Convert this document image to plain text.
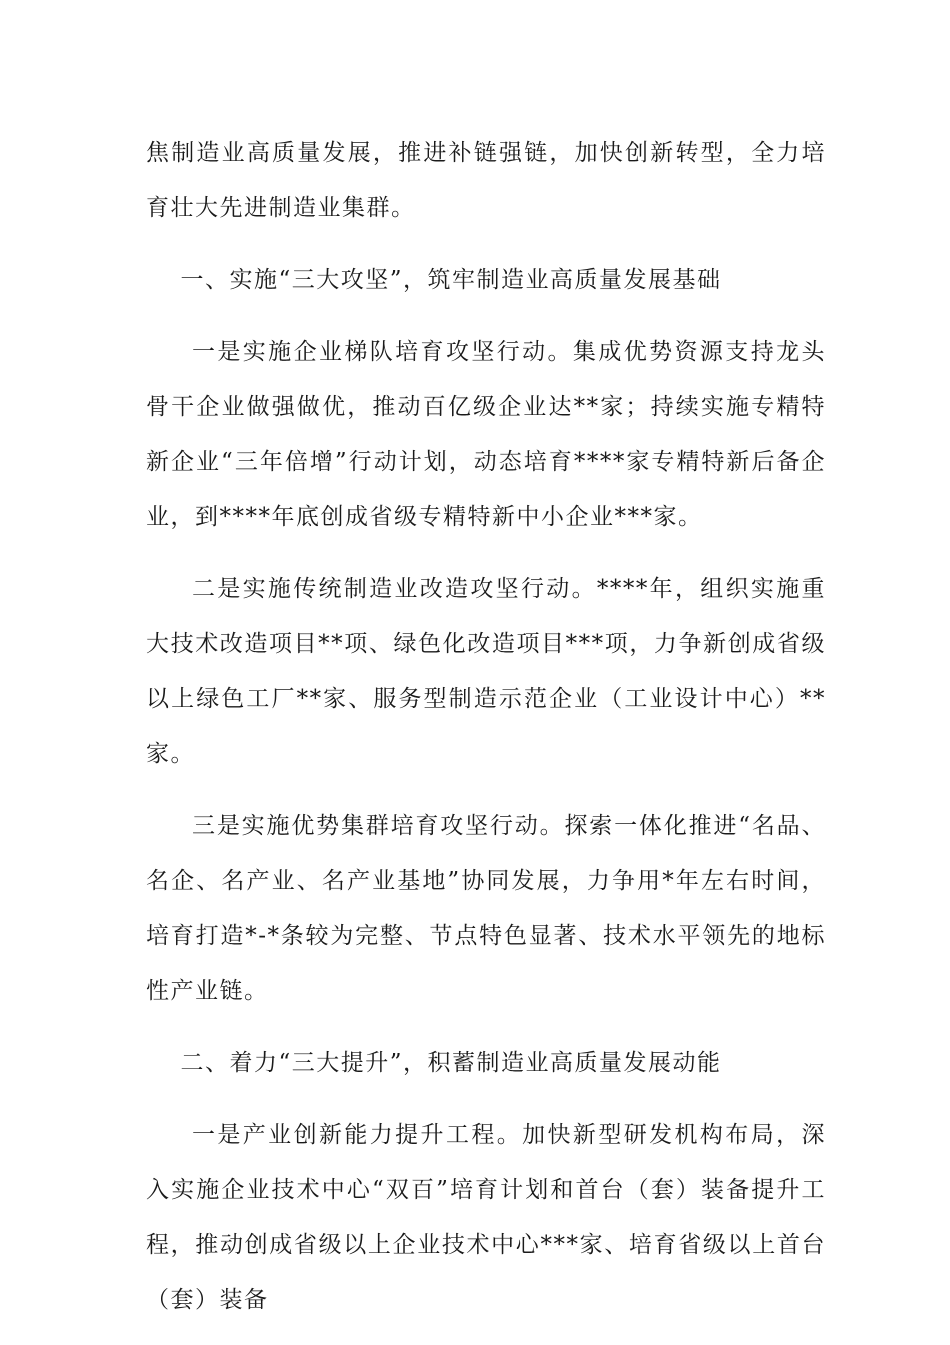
焦制造业高质量发展，推进补链强链，加快创新转型，全力培育壮大先进制造业集群。

一、实施“三大攻坚”，筑牢制造业高质量发展基础

一是实施企业梯队培育攻坚行动。集成优势资源支持龙头骨干企业做强做优，推动百亿级企业达**家；持续实施专精特新企业“三年倍增”行动计划，动态培育****家专精特新后备企业，到****年底创成省级专精特新中小企业***家。

二是实施传统制造业改造攻坚行动。****年，组织实施重大技术改造项目**项、绿色化改造项目***项，力争新创成省级以上绿色工厂**家、服务型制造示范企业（工业设计中心）**家。

三是实施优势集群培育攻坚行动。探索一体化推进“名品、名企、名产业、名产业基地”协同发展，力争用*年左右时间，培育打造*-*条较为完整、节点特色显著、技术水平领先的地标性产业链。

二、着力“三大提升”，积蓄制造业高质量发展动能

一是产业创新能力提升工程。加快新型研发机构布局，深入实施企业技术中心“双百”培育计划和首台（套）装备提升工程，推动创成省级以上企业技术中心***家、培育省级以上首台（套）装备
